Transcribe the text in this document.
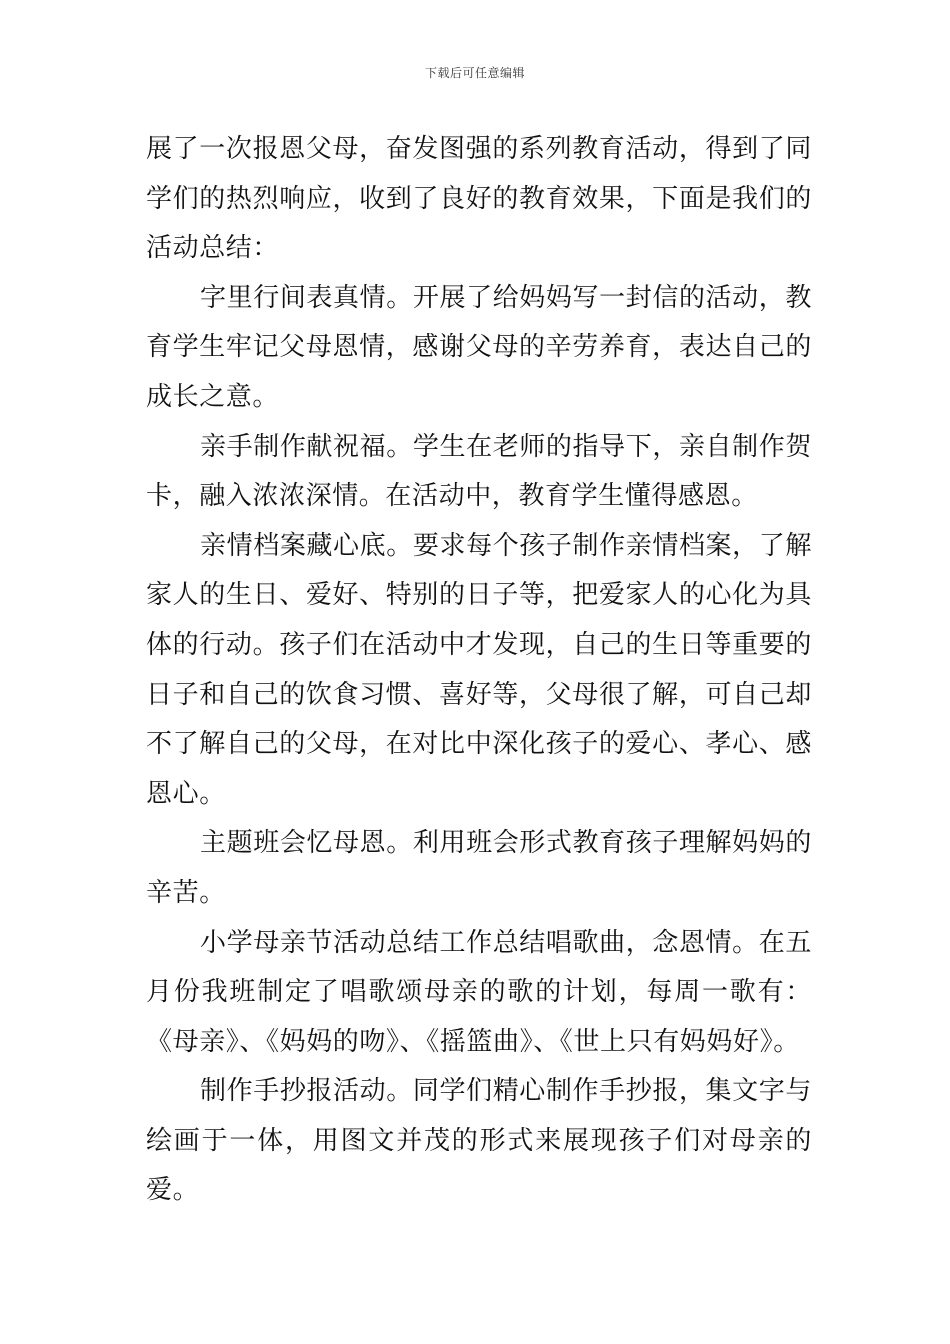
下载后可任意编辑

展了一次报恩父母，奋发图强的系列教育活动，得到了同学们的热烈响应，收到了良好的教育效果，下面是我们的活动总结：

字里行间表真情。开展了给妈妈写一封信的活动，教育学生牢记父母恩情，感谢父母的辛劳养育，表达自己的成长之意。

亲手制作献祝福。学生在老师的指导下，亲自制作贺卡，融入浓浓深情。在活动中，教育学生懂得感恩。

亲情档案藏心底。要求每个孩子制作亲情档案，了解家人的生日、爱好、特别的日子等，把爱家人的心化为具体的行动。孩子们在活动中才发现，自己的生日等重要的日子和自己的饮食习惯、喜好等，父母很了解，可自己却不了解自己的父母，在对比中深化孩子的爱心、孝心、感恩心。

主题班会忆母恩。利用班会形式教育孩子理解妈妈的辛苦。

小学母亲节活动总结工作总结唱歌曲，念恩情。在五月份我班制定了唱歌颂母亲的歌的计划，每周一歌有：《母亲》、《妈妈的吻》、《摇篮曲》、《世上只有妈妈好》。

制作手抄报活动。同学们精心制作手抄报，集文字与绘画于一体，用图文并茂的形式来展现孩子们对母亲的爱。
